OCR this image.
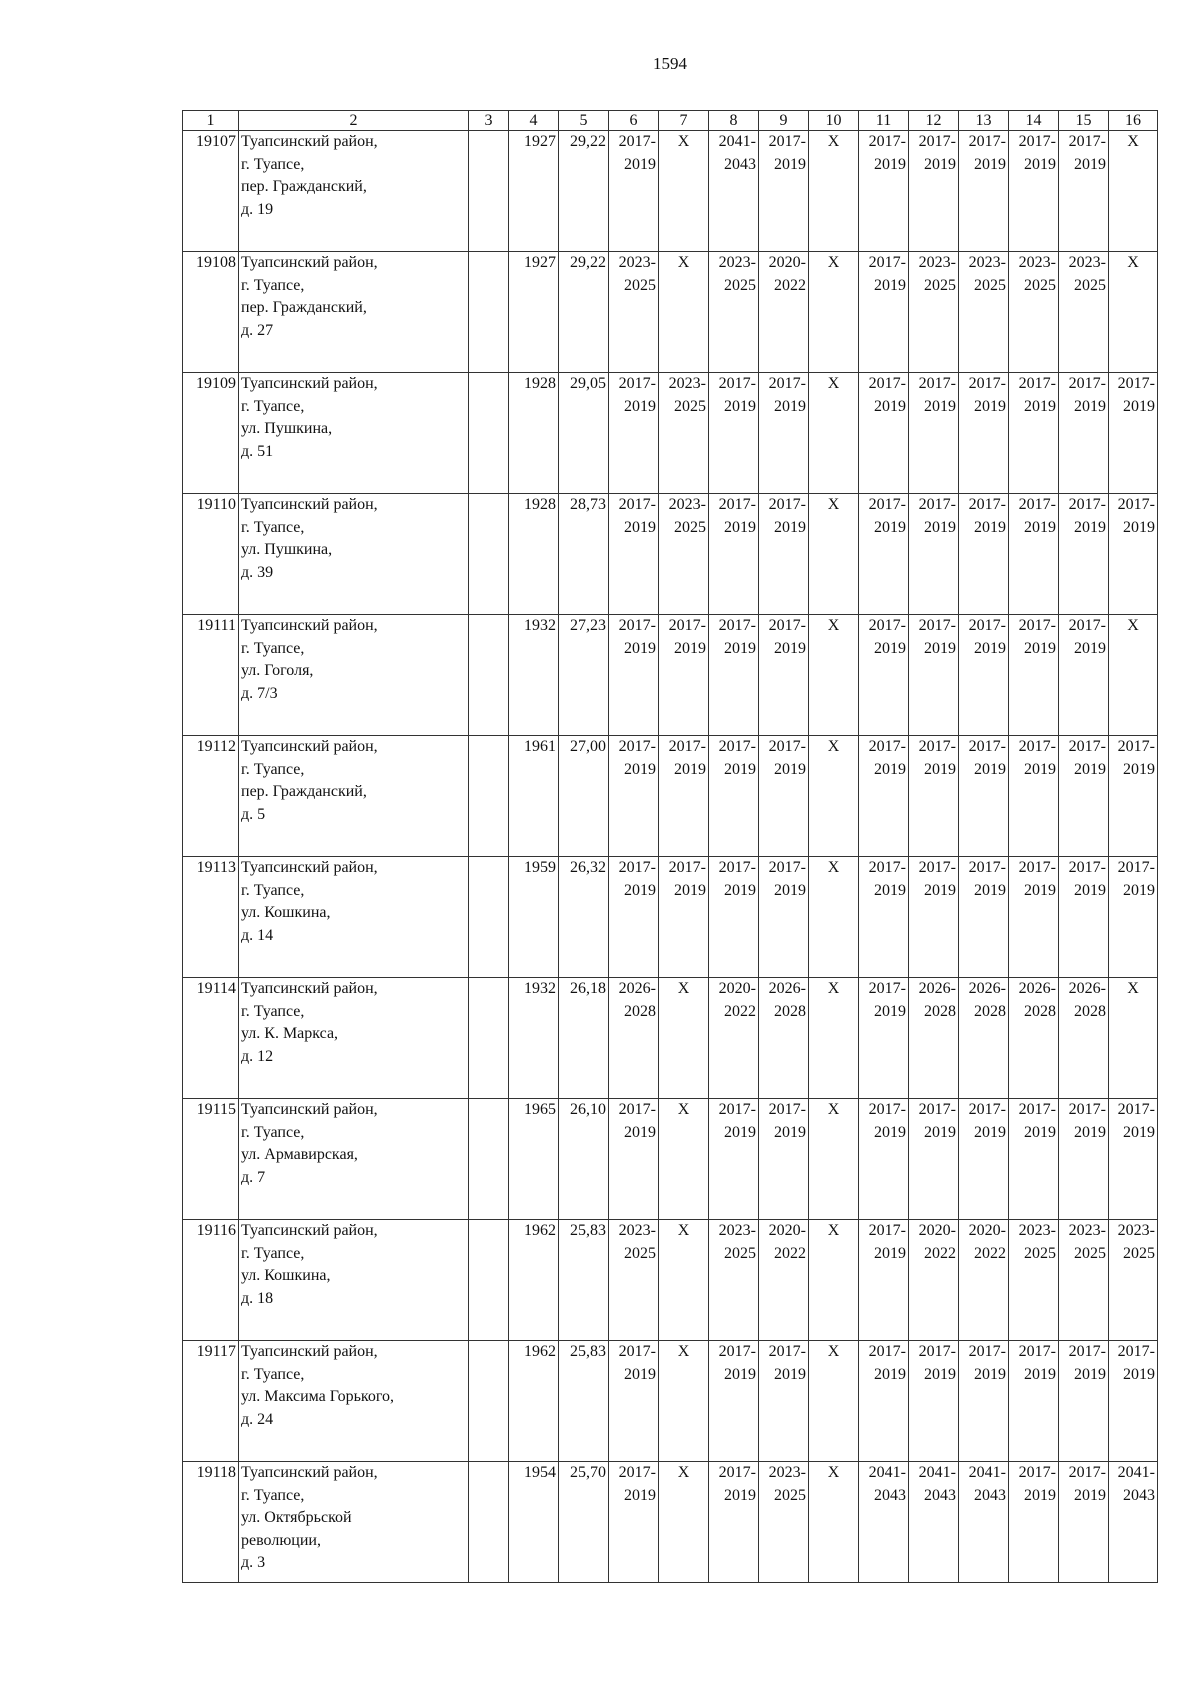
1594
1	2	3	4	5	6	7	8	9	10	11	12	13	14	15	16
19107	Туапсинский район,
г. Туапсе,
пер. Гражданский,
д. 19		1927	29,22	2017-
2019	X	2041-
2043	2017-
2019	X	2017-
2019	2017-
2019	2017-
2019	2017-
2019	2017-
2019	X
19108	Туапсинский район,
г. Туапсе,
пер. Гражданский,
д. 27		1927	29,22	2023-
2025	X	2023-
2025	2020-
2022	X	2017-
2019	2023-
2025	2023-
2025	2023-
2025	2023-
2025	X
19109	Туапсинский район,
г. Туапсе,
ул. Пушкина,
д. 51		1928	29,05	2017-
2019	2023-
2025	2017-
2019	2017-
2019	X	2017-
2019	2017-
2019	2017-
2019	2017-
2019	2017-
2019	2017-
2019
19110	Туапсинский район,
г. Туапсе,
ул. Пушкина,
д. 39		1928	28,73	2017-
2019	2023-
2025	2017-
2019	2017-
2019	X	2017-
2019	2017-
2019	2017-
2019	2017-
2019	2017-
2019	2017-
2019
19111	Туапсинский район,
г. Туапсе,
ул. Гоголя,
д. 7/3		1932	27,23	2017-
2019	2017-
2019	2017-
2019	2017-
2019	X	2017-
2019	2017-
2019	2017-
2019	2017-
2019	2017-
2019	X
19112	Туапсинский район,
г. Туапсе,
пер. Гражданский,
д. 5		1961	27,00	2017-
2019	2017-
2019	2017-
2019	2017-
2019	X	2017-
2019	2017-
2019	2017-
2019	2017-
2019	2017-
2019	2017-
2019
19113	Туапсинский район,
г. Туапсе,
ул. Кошкина,
д. 14		1959	26,32	2017-
2019	2017-
2019	2017-
2019	2017-
2019	X	2017-
2019	2017-
2019	2017-
2019	2017-
2019	2017-
2019	2017-
2019
19114	Туапсинский район,
г. Туапсе,
ул. К. Маркса,
д. 12		1932	26,18	2026-
2028	X	2020-
2022	2026-
2028	X	2017-
2019	2026-
2028	2026-
2028	2026-
2028	2026-
2028	X
19115	Туапсинский район,
г. Туапсе,
ул. Армавирская,
д. 7		1965	26,10	2017-
2019	X	2017-
2019	2017-
2019	X	2017-
2019	2017-
2019	2017-
2019	2017-
2019	2017-
2019	2017-
2019
19116	Туапсинский район,
г. Туапсе,
ул. Кошкина,
д. 18		1962	25,83	2023-
2025	X	2023-
2025	2020-
2022	X	2017-
2019	2020-
2022	2020-
2022	2023-
2025	2023-
2025	2023-
2025
19117	Туапсинский район,
г. Туапсе,
ул. Максима Горького,
д. 24		1962	25,83	2017-
2019	X	2017-
2019	2017-
2019	X	2017-
2019	2017-
2019	2017-
2019	2017-
2019	2017-
2019	2017-
2019
19118	Туапсинский район,
г. Туапсе,
ул. Октябрьской
революции,
д. 3		1954	25,70	2017-
2019	X	2017-
2019	2023-
2025	X	2041-
2043	2041-
2043	2041-
2043	2017-
2019	2017-
2019	2041-
2043
